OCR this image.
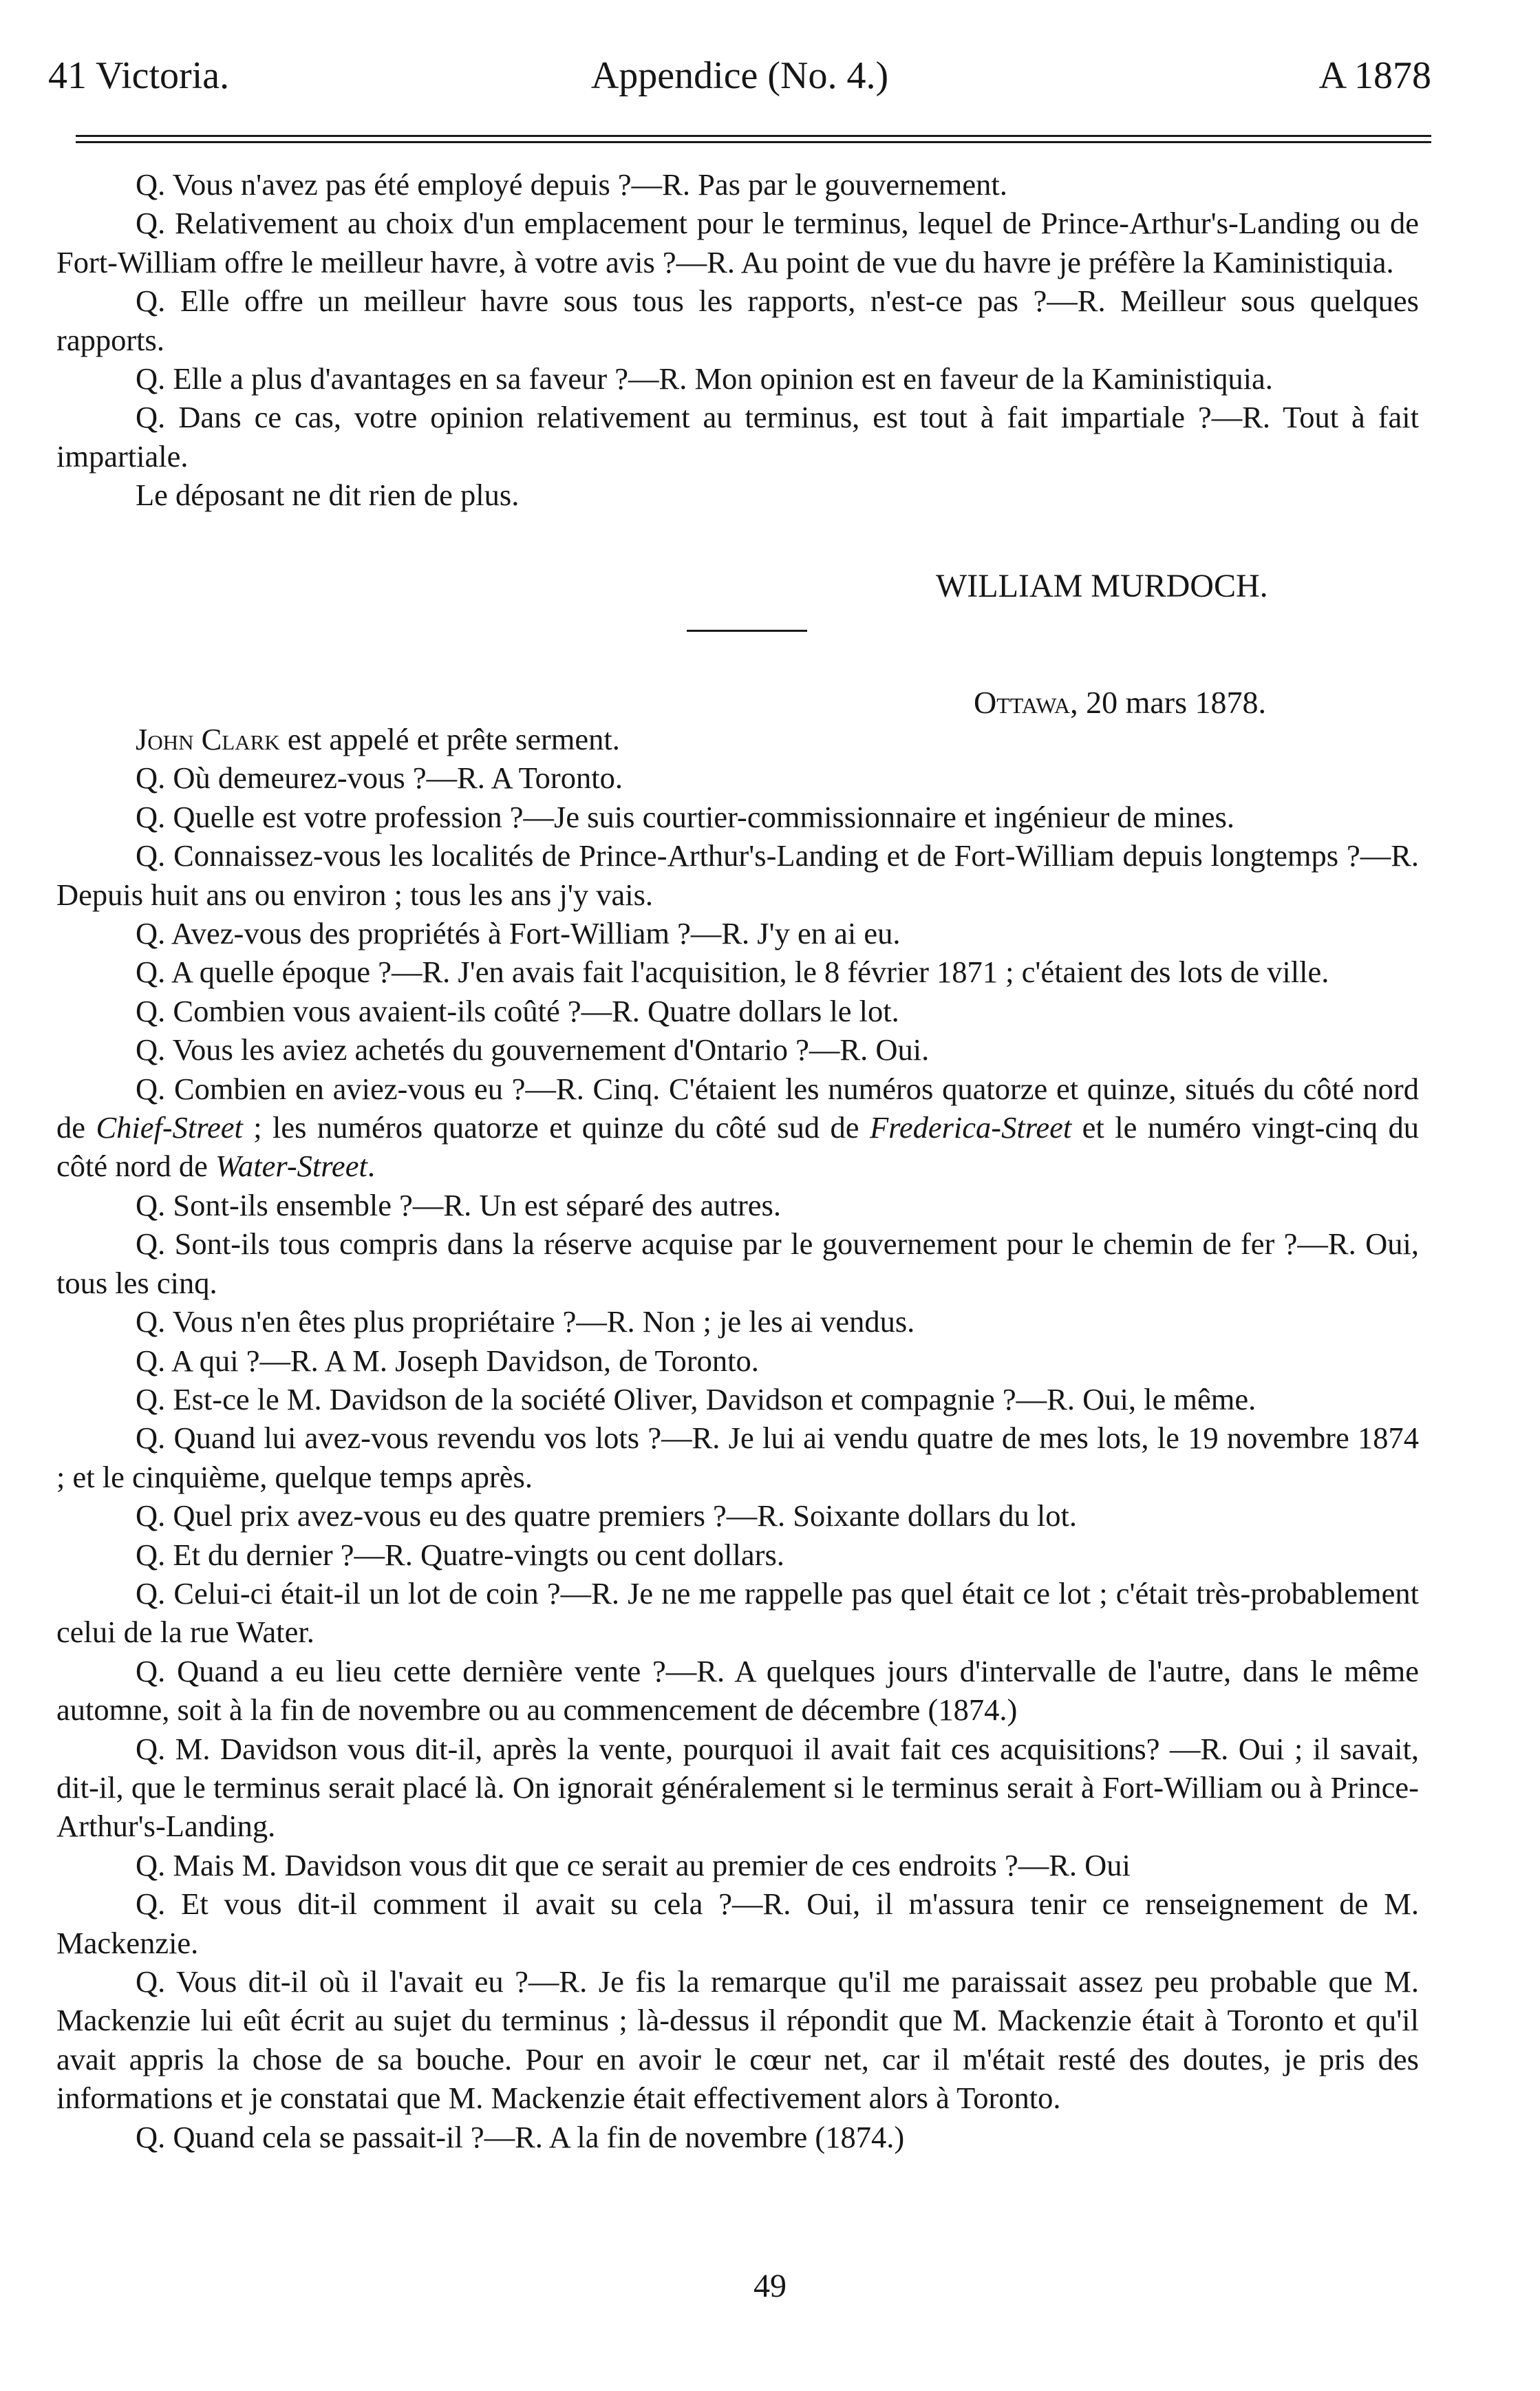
41 Victoria.	Appendice (No. 4.)	A 1878

Q. Vous n'avez pas été employé depuis ?—R. Pas par le gouvernement.

Q. Relativement au choix d'un emplacement pour le terminus, lequel de Prince-Arthur's-Landing ou de Fort-William offre le meilleur havre, à votre avis ?—R. Au point de vue du havre je préfère la Kaministiquia.

Q. Elle offre un meilleur havre sous tous les rapports, n'est-ce pas ?—R. Meilleur sous quelques rapports.

Q. Elle a plus d'avantages en sa faveur ?—R. Mon opinion est en faveur de la Kaministiquia.

Q. Dans ce cas, votre opinion relativement au terminus, est tout à fait impartiale ?—R. Tout à fait impartiale.

Le déposant ne dit rien de plus.

WILLIAM MURDOCH.
Ottawa, 20 mars 1878.

John Clark est appelé et prête serment.

Q. Où demeurez-vous ?—R. A Toronto.

Q. Quelle est votre profession ?—Je suis courtier-commissionnaire et ingénieur de mines.

Q. Connaissez-vous les localités de Prince-Arthur's-Landing et de Fort-William depuis longtemps ?—R. Depuis huit ans ou environ ; tous les ans j'y vais.

Q. Avez-vous des propriétés à Fort-William ?—R. J'y en ai eu.

Q. A quelle époque ?—R. J'en avais fait l'acquisition, le 8 février 1871 ; c'étaient des lots de ville.

Q. Combien vous avaient-ils coûté ?—R. Quatre dollars le lot.

Q. Vous les aviez achetés du gouvernement d'Ontario ?—R. Oui.

Q. Combien en aviez-vous eu ?—R. Cinq. C'étaient les numéros quatorze et quinze, situés du côté nord de Chief-Street ; les numéros quatorze et quinze du côté sud de Frederica-Street et le numéro vingt-cinq du côté nord de Water-Street.

Q. Sont-ils ensemble ?—R. Un est séparé des autres.

Q. Sont-ils tous compris dans la réserve acquise par le gouvernement pour le chemin de fer ?—R. Oui, tous les cinq.

Q. Vous n'en êtes plus propriétaire ?—R. Non ; je les ai vendus.

Q. A qui ?—R. A M. Joseph Davidson, de Toronto.

Q. Est-ce le M. Davidson de la société Oliver, Davidson et compagnie ?—R. Oui, le même.

Q. Quand lui avez-vous revendu vos lots ?—R. Je lui ai vendu quatre de mes lots, le 19 novembre 1874 ; et le cinquième, quelque temps après.

Q. Quel prix avez-vous eu des quatre premiers ?—R. Soixante dollars du lot.

Q. Et du dernier ?—R. Quatre-vingts ou cent dollars.

Q. Celui-ci était-il un lot de coin ?—R. Je ne me rappelle pas quel était ce lot ; c'était très-probablement celui de la rue Water.

Q. Quand a eu lieu cette dernière vente ?—R. A quelques jours d'intervalle de l'autre, dans le même automne, soit à la fin de novembre ou au commencement de décembre (1874.)

Q. M. Davidson vous dit-il, après la vente, pourquoi il avait fait ces acquisitions? —R. Oui ; il savait, dit-il, que le terminus serait placé là. On ignorait généralement si le terminus serait à Fort-William ou à Prince-Arthur's-Landing.

Q. Mais M. Davidson vous dit que ce serait au premier de ces endroits ?—R. Oui

Q. Et vous dit-il comment il avait su cela ?—R. Oui, il m'assura tenir ce renseignement de M. Mackenzie.

Q. Vous dit-il où il l'avait eu ?—R. Je fis la remarque qu'il me paraissait assez peu probable que M. Mackenzie lui eût écrit au sujet du terminus ; là-dessus il répondit que M. Mackenzie était à Toronto et qu'il avait appris la chose de sa bouche. Pour en avoir le cœur net, car il m'était resté des doutes, je pris des informations et je constatai que M. Mackenzie était effectivement alors à Toronto.

Q. Quand cela se passait-il ?—R. A la fin de novembre (1874.)

49
